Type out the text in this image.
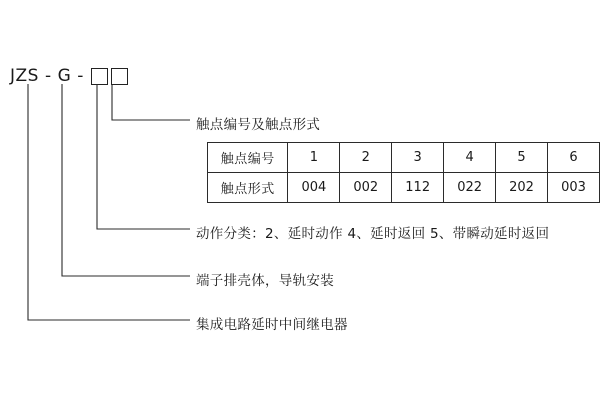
JZS - G -
触点编号及触点形式
动作分类：2、延时动作 4、延时返回 5、带瞬动延时返回
端子排壳体，导轨安装
集成电路延时中间继电器
触点编号	1	2	3	4	5	6
触点形式	004	002	112	022	202	003
